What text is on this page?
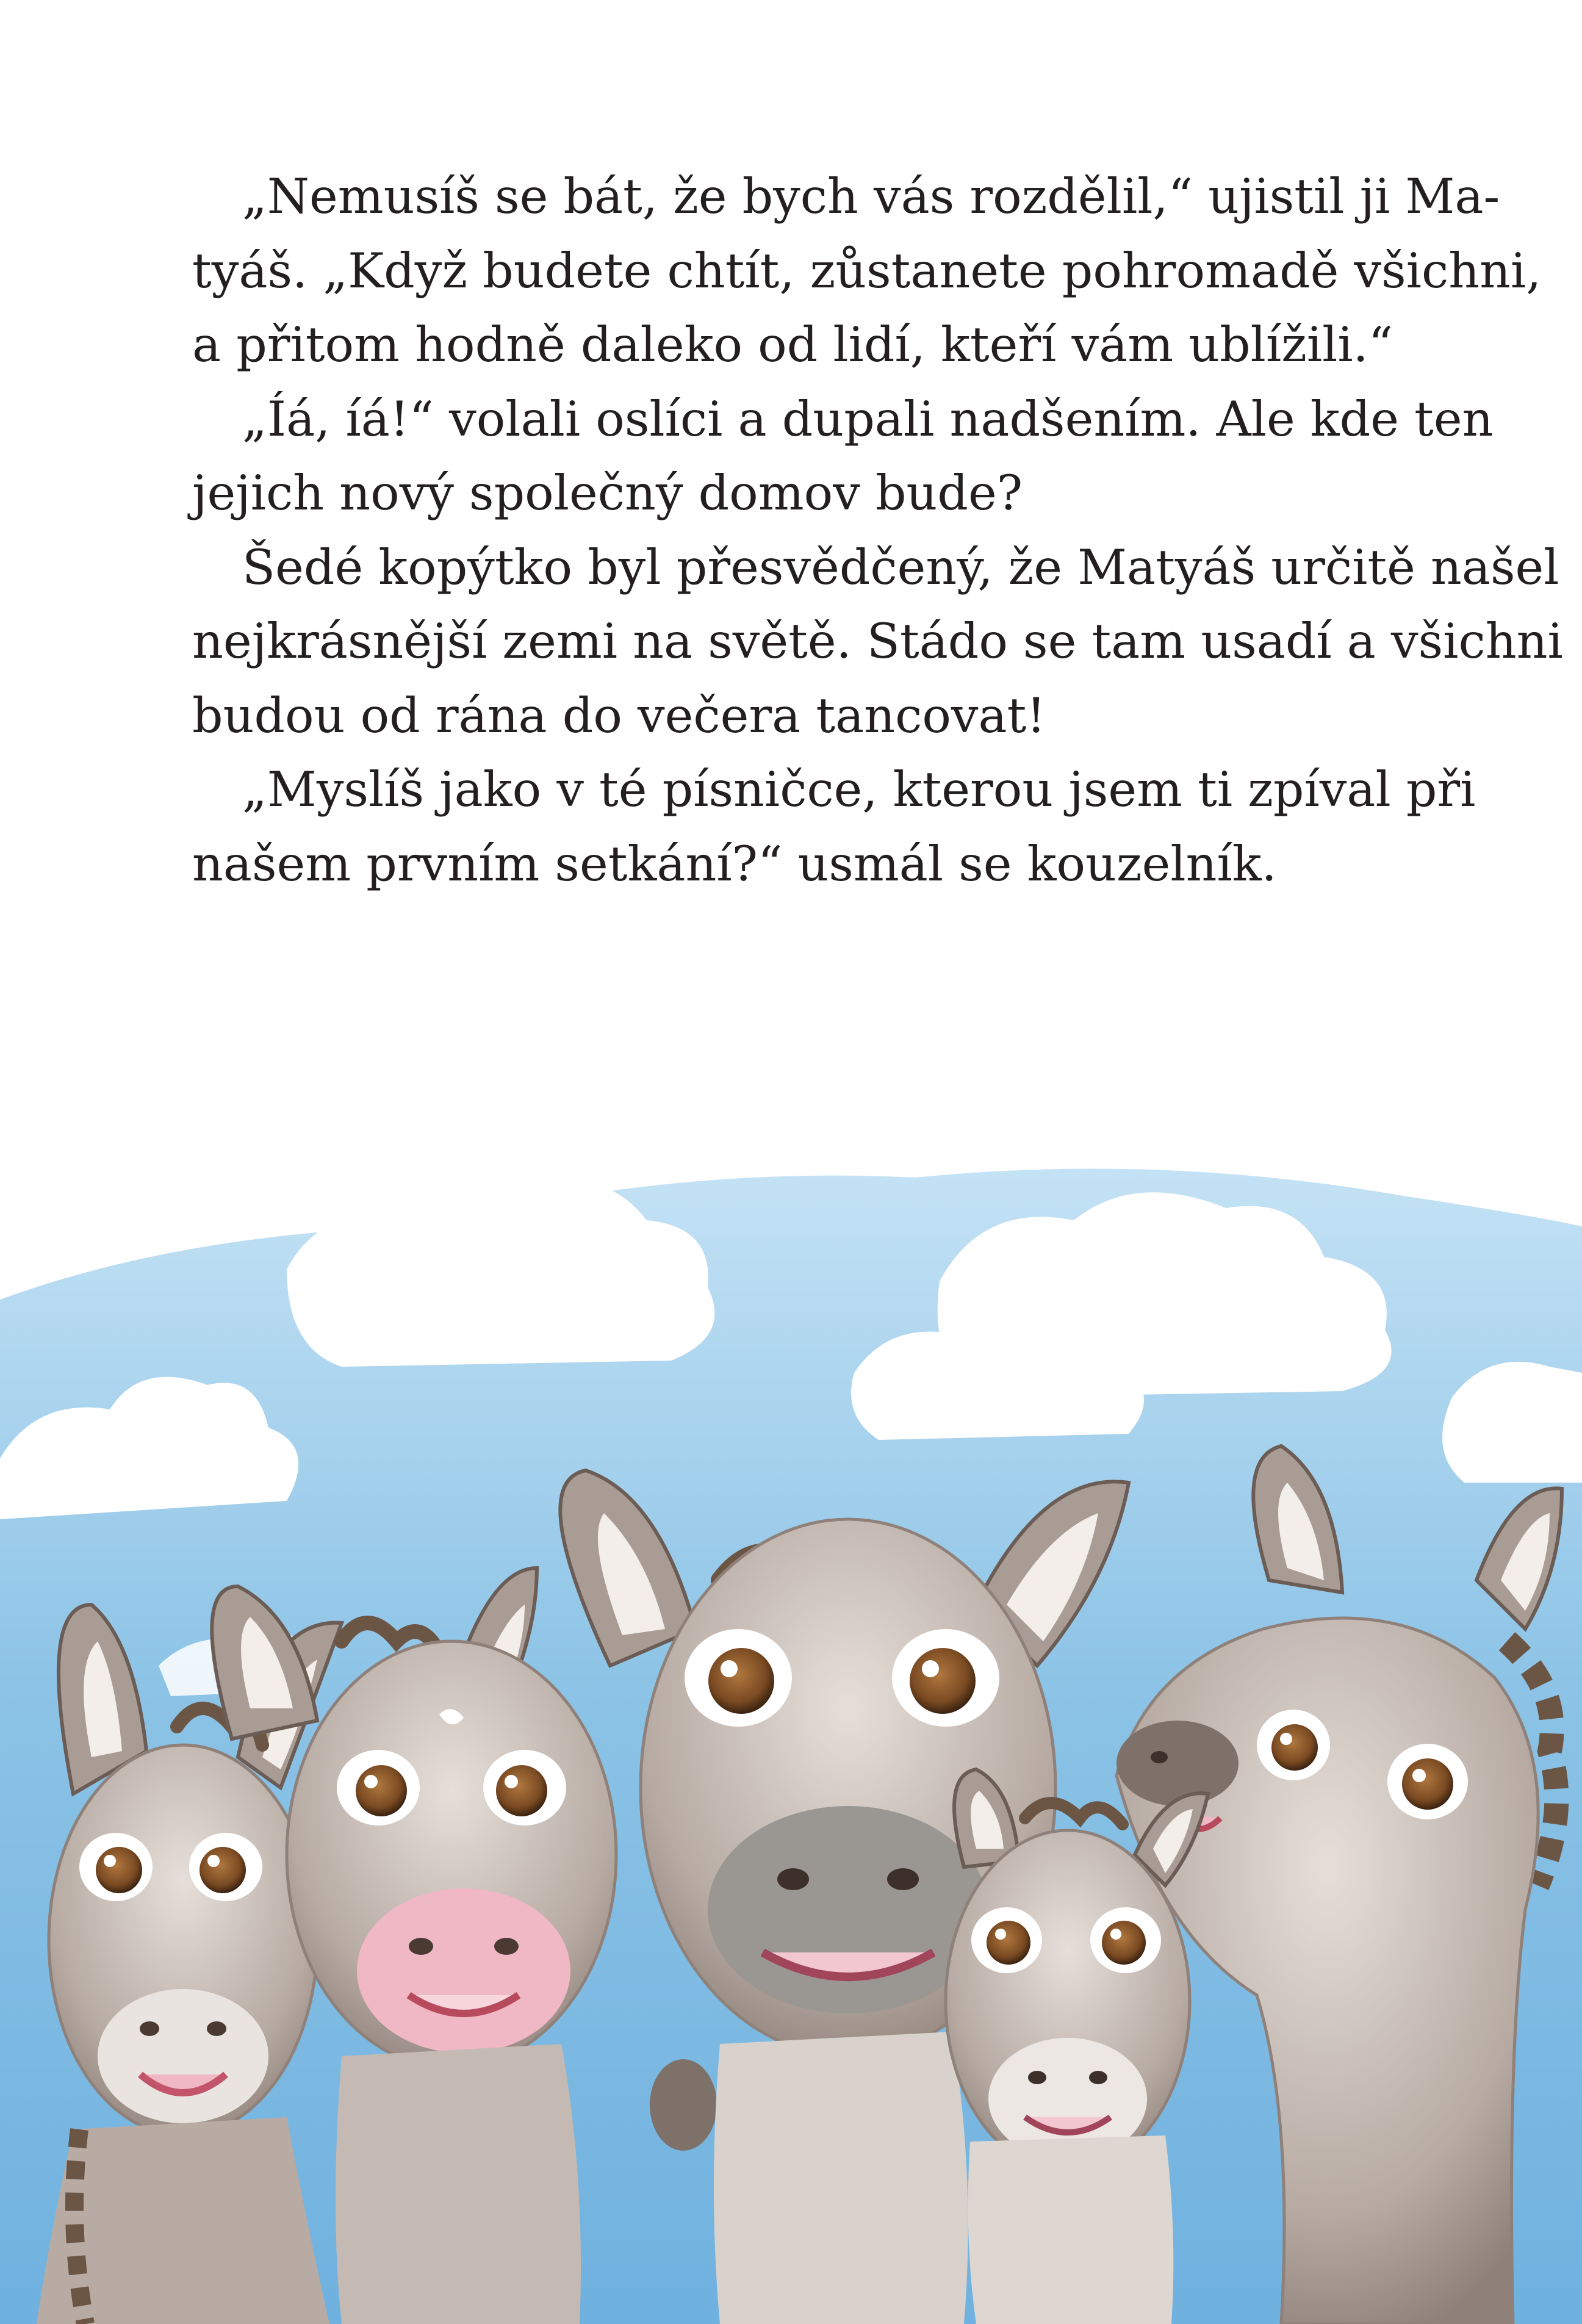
„Nemusíš se bát, že bych vás rozdělil,“ ujistil ji Ma-
tyáš. „Když budete chtít, zůstanete pohromadě všichni,
a přitom hodně daleko od lidí, kteří vám ublížili.“
„Íá, íá!“ volali oslíci a dupali nadšením. Ale kde ten
jejich nový společný domov bude?
Šedé kopýtko byl přesvědčený, že Matyáš určitě našel
nejkrásnější zemi na světě. Stádo se tam usadí a všichni
budou od rána do večera tancovat!
„Myslíš jako v té písničce, kterou jsem ti zpíval při
našem prvním setkání?“ usmál se kouzelník.
